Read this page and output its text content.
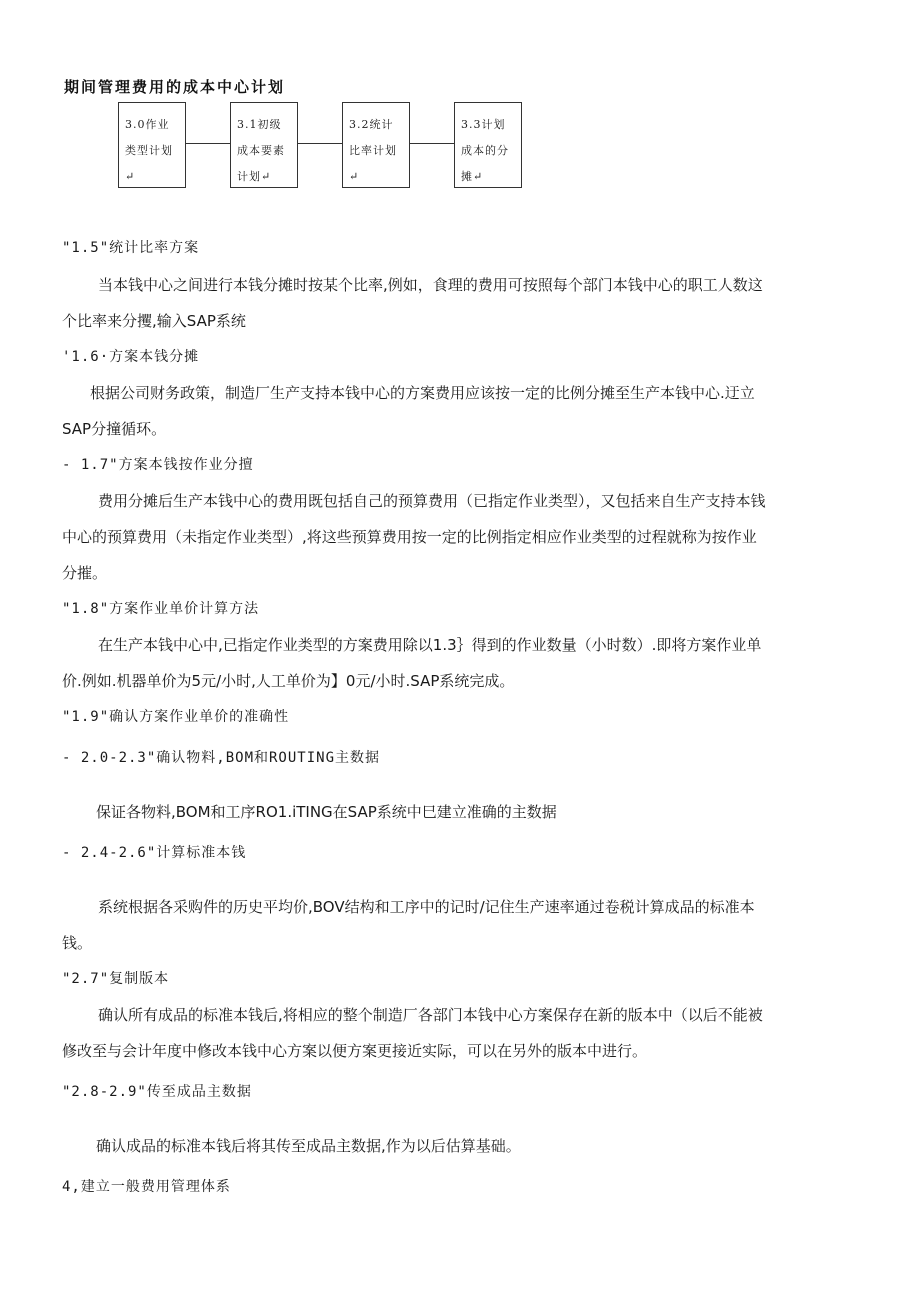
期间管理费用的成本中心计划
3.0作业类型计划↵
3.1初级成本要素计划↵
3.2统计比率计划↵
3.3计划成本的分摊↵
"1.5"统计比率方案
当本钱中心之间进行本钱分摊时按某个比率,例如，食理的费用可按照每个部门本钱中心的职工人数这
个比率来分攫,输入SAP系统
'1.6·方案本钱分摊
根据公司财务政策，制造厂生产支持本钱中心的方案费用应该按一定的比例分摊至生产本钱中心.迂立
SAP分撞循环。
- 1.7"方案本钱按作业分擅
费用分摊后生产本钱中心的费用既包括自己的预算费用（已指定作业类型），又包括来自生产支持本钱
中心的预算费用（未指定作业类型）,将这些预算费用按一定的比例指定相应作业类型的过程就称为按作业
分摧。
"1.8"方案作业单价计算方法
在生产本钱中心中,已指定作业类型的方案费用除以1.3｝得到的作业数量（小时数）.即将方案作业单
价.例如.机器单价为5元/小时,人工单价为】0元/小时.SAP系统完成。
"1.9"确认方案作业单价的准确性
- 2.0-2.3"确认物料,BOM和ROUTING主数据
保证各物料,BOM和工序RO1.iTING在SAP系统中巳建立准确的主数据
- 2.4-2.6"计算标准本钱
系统根据各采购件的历史平均价,BOV结构和工序中的记时/记住生产速率通过卷税计算成品的标准本
钱。
"2.7"复制版本
确认所有成品的标准本钱后,将相应的整个制造厂各部门本钱中心方案保存在新的版本中（以后不能被
修改至与会计年度中修改本钱中心方案以便方案更接近实际，可以在另外的版本中进行。
"2.8-2.9"传至成品主数据
确认成品的标准本钱后将其传至成品主数据,作为以后估算基础。
4,建立一般费用管理体系
